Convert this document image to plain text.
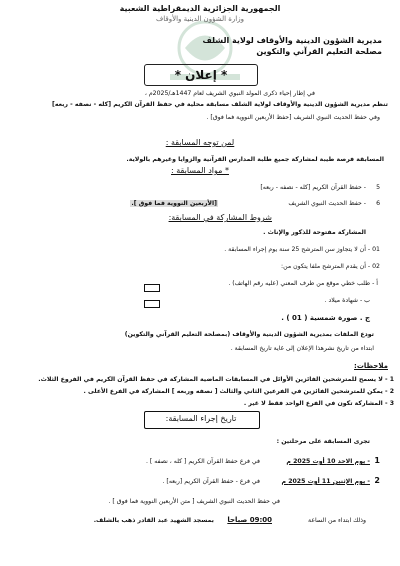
الجمهورية الجزائرية الديمقراطية الشعبية
وزارة الشؤون الدينية والأوقاف
مديرية الشؤون الدينية والأوقاف لولاية الشلف
مصلحة التعليم القرآني والتكوين
* إعلان *
في إطار إحياء ذكرى المولد النبوي الشريف لعام 1447هـ/2025م ،
تنظم مديرية الشؤون الدينية والأوقاف لولاية الشلف مسابقة محلية في حفظ القرآن الكريم [كله - نصفه - ربعه]
وفي حفظ الحديث النبوي الشريف [حفظ الأربعين النووية فما فوق] .
لمن توجه المسابقة :
المسابقة فرصة طيبة لمشاركة جميع طلبة المدارس القرآنية والزوايا وغيرهم بالولاية.
* مواد المسابقة :
5
- حفظ القرآن الكريم [كله - نصفه - ربعه]
6
- حفظ الحديث النبوي الشريف
[الأربعين النووية فما فوق ].
شروط المشاركة في المسابقة:
المشاركة مفتوحة للذكور والإناث .
01 - أن لا يتجاوز سن المترشح 25 سنة يوم إجراء المسابقة .
02 - أن يقدم المترشح ملفا يتكون من:
أ - طلب خطي موقع من طرف المعني (عليه رقم الهاتف) .
ب - شهادة ميلاد .
ج . صورة شمسية ( 01 ) .
تودع الملفات بمديرية الشؤون الدينية والأوقاف (بمصلحة التعليم القرآني والتكوين)
ابتداء من تاريخ نشرهذا الإعلان إلى غاية تاريخ المسابقة .
ملاحظات:
1 - لا يسمح للمترشحين الفائزين الأوائل في المسابقات الماضية المشاركة في حفظ القرآن الكريم في الفروع الثلاث.
2 - يمكن للمترشحين الفائزين في الفرعين الثاني والثالث [ نصفه وربعه ] المشاركة في الفرع الأعلى .
3 - المشاركة تكون في الفرع الواحد فقط لا غير .
تاريخ إجراء المسابقة:
تجرى المسابقة على مرحلتين :
1
- يوم الاحد 10 أوت 2025 م
في فرع حفظ القرآن الكريم [ كله ، نصفه ] .
2
- يوم الإثنين 11 أوت 2025 م
في فرع - حفظ القرآن الكريم [ربعه] .
في حفظ الحديث النبوي الشريف [ متن الأربعين النووية فما فوق ] .
وذلك ابتداء من الساعة
09:00 صباحا
بمسجد الشهيد عبد القادر ذهب بالشلف.
